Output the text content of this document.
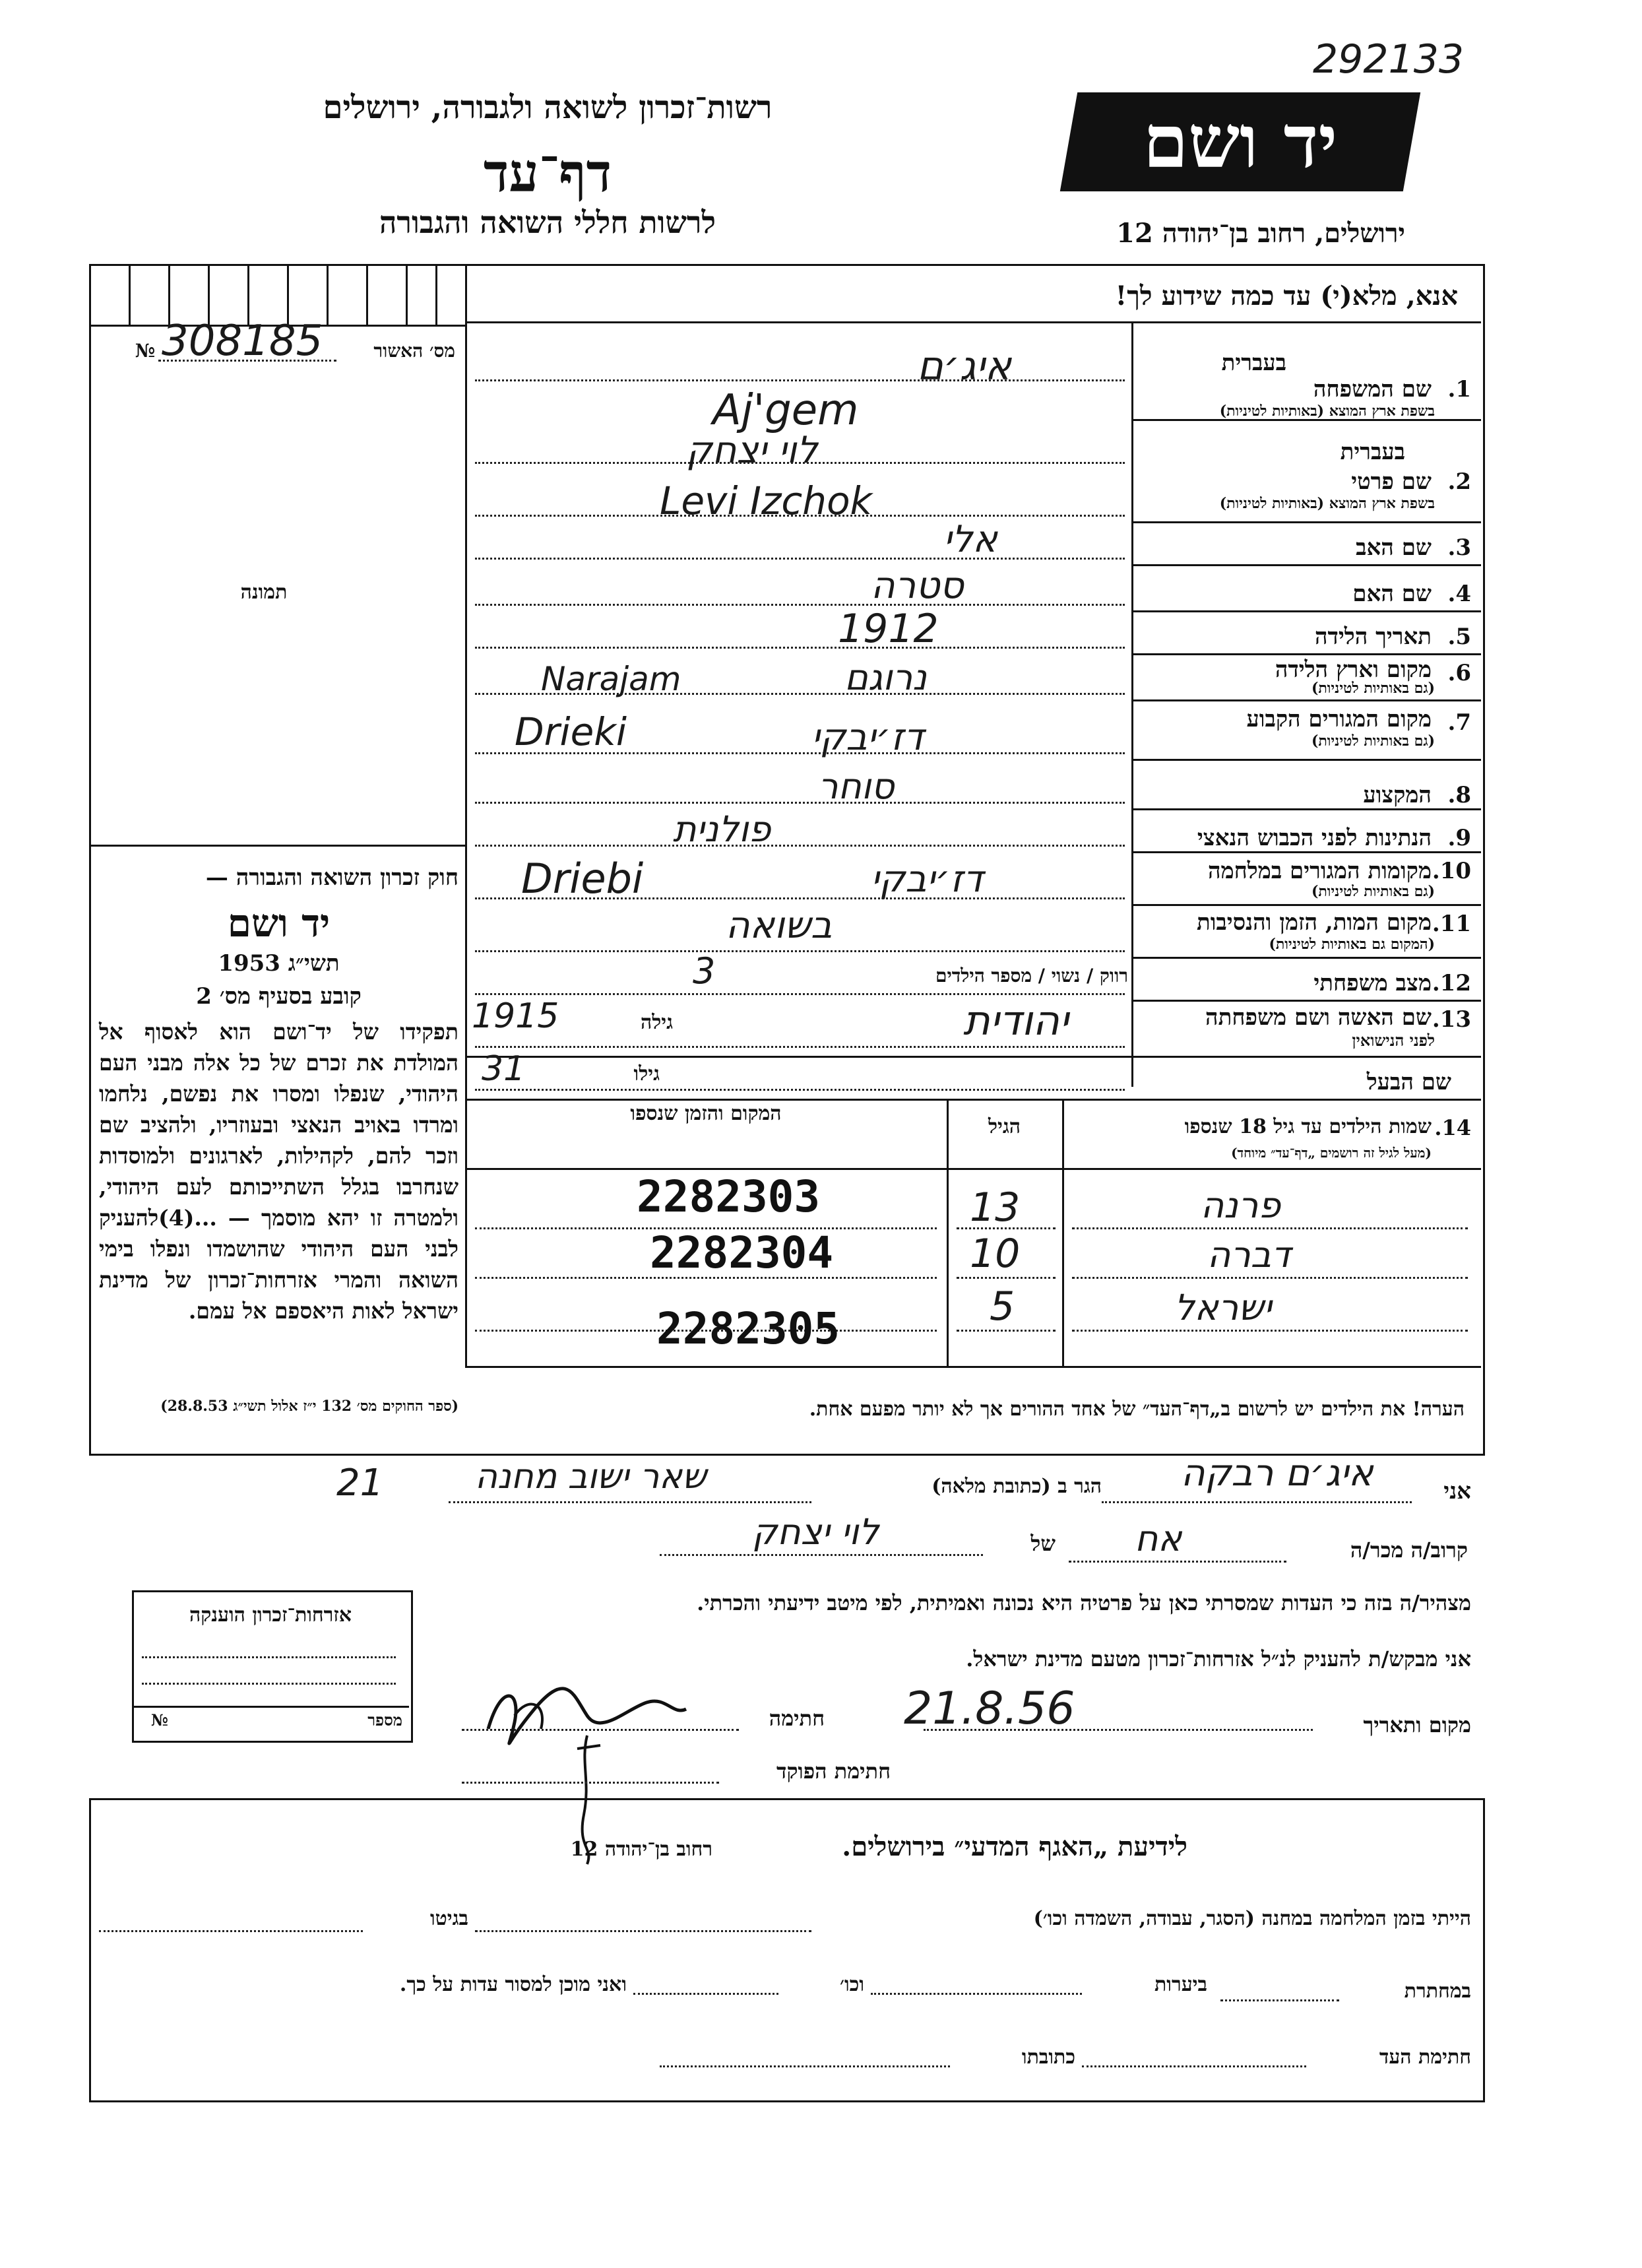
292133
יד ושם
רשות־זכרון לשואה ולגבורה, ירושלים
דף־עד
לרשות חללי השואה והגבורה	ירושלים, רחוב בן־יהודה 12
אנא, מלא(י) עד כמה שידוע לך!
מס׳ האשור
№ 308185
תמונה
חוק זכרון השואה והגבורה —
יד ושם
תשי״ג 1953
קובע בסעיף מס׳ 2
תפקידו של יד־ושם הוא לאסוף אל המולדת את זכרם של כל אלה מבני העם היהודי, שנפלו ומסרו את נפשם, נלחמו ומרדו באויב הנאצי ובעוזריו, ולהציב שם וזכר להם, לקהילות, לארגונים ולמוסדות שנחרבו בגלל השתייכותם לעם היהודי, ולמטרה זו יהא מוסמך — ...(4)להעניק לבני העם היהודי שהושמדו ונפלו בימי השואה והמרי אזרחות־זכרון של מדינת ישראל לאות היאספם אל עמם.
(ספר החוקים מס׳ 132 י״ז אלול תשי״ג 28.8.53)
בעברית
1.
שם המשפחה
בשפת ארץ המוצא (באותיות לטיניות)
איג׳ם
Aj'gem
בעברית
2.
שם פרטי
בשפת ארץ המוצא (באותיות לטיניות)
לוי יצחק
Levi Izchok
3.
שם האב
אלי
4.
שם האם
סטרה
5.
תאריך הלידה
1912
6.
מקום וארץ הלידה
(גם באותיות לטיניות)
נרוגם
Narajam
7.
מקום המגורים הקבוע
(גם באותיות לטיניות)
דז׳יבקי
Drieki
8.
המקצוע
סוחר
9.
הנתינות לפני הכבוש הנאצי
פולנית
10.
מקומות המגורים במלחמה
(גם באותיות לטיניות)
דז׳יבקי
Driebi
11.
מקום המות, הזמן והנסיבות
(המקום גם באותיות לטיניות)
בשואה
12.
מצב משפחתי
רווק / נשוי / מספר הילדים
3
13.
שם האשה ושם משפחתה
לפני הנישואין
יהודית
גילה
1915
שם הבעל
גילו
31
14.
שמות הילדים עד גיל 18 שנספו
(מעל לגיל זה רושמים „דף־עד״ מיוחד)
הגיל
המקום והזמן שנספו
פרנה
13
2282303
דברה
10
2282304
ישראל
5
2282305
הערה! את הילדים יש לרשום ב„דף־העד״ של אחד ההורים אך לא יותר מפעם אחת.
21	אני
איג׳ם רבקה
הגר ב (כתובת מלאה)
שאר ישוב מחנה
קרוב/ה מכר/ה
אח
של
לוי יצחק
מצהיר/ה בזה כי העדות שמסרתי כאן על פרטיה היא נכונה ואמיתית, לפי מיטב ידיעתי והכרתי.
אני מבקש/ת להעניק לנ״ל אזרחות־זכרון מטעם מדינת ישראל.
מקום ותאריך
21.8.56
חתימה
חתימת הפוקד
אזרחות־זכרון הוענקה
מספר
№
לידיעת „האגף המדעי״ בירושלים.
רחוב בן־יהודה 12
הייתי בזמן המלחמה במחנה (הסגר, עבודה, השמדה וכו׳)
בגיטו
במחתרת
ביערות
וכו׳
ואני מוכן למסור עדות על כך.
חתימת העד
כתובתו
